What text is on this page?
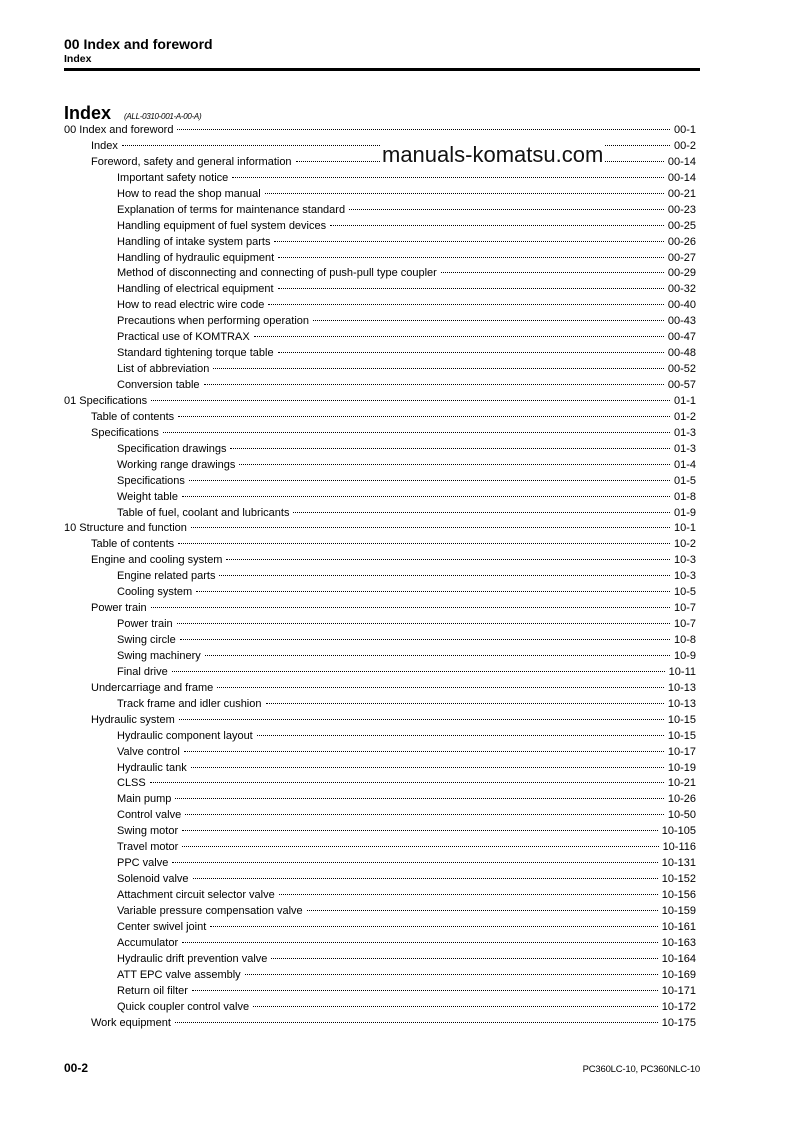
00 Index and foreword
Index
Index (ALL-0310-001-A-00-A)
00 Index and foreword	00-1
Index	00-2
Foreword, safety and general information	00-14
Important safety notice	00-14
How to read the shop manual	00-21
Explanation of terms for maintenance standard	00-23
Handling equipment of fuel system devices	00-25
Handling of intake system parts	00-26
Handling of hydraulic equipment	00-27
Method of disconnecting and connecting of push-pull type coupler	00-29
Handling of electrical equipment	00-32
How to read electric wire code	00-40
Precautions when performing operation	00-43
Practical use of KOMTRAX	00-47
Standard tightening torque table	00-48
List of abbreviation	00-52
Conversion table	00-57
01 Specifications	01-1
Table of contents	01-2
Specifications	01-3
Specification drawings	01-3
Working range drawings	01-4
Specifications	01-5
Weight table	01-8
Table of fuel, coolant and lubricants	01-9
10 Structure and function	10-1
Table of contents	10-2
Engine and cooling system	10-3
Engine related parts	10-3
Cooling system	10-5
Power train	10-7
Power train	10-7
Swing circle	10-8
Swing machinery	10-9
Final drive	10-11
Undercarriage and frame	10-13
Track frame and idler cushion	10-13
Hydraulic system	10-15
Hydraulic component layout	10-15
Valve control	10-17
Hydraulic tank	10-19
CLSS	10-21
Main pump	10-26
Control valve	10-50
Swing motor	10-105
Travel motor	10-116
PPC valve	10-131
Solenoid valve	10-152
Attachment circuit selector valve	10-156
Variable pressure compensation valve	10-159
Center swivel joint	10-161
Accumulator	10-163
Hydraulic drift prevention valve	10-164
ATT EPC valve assembly	10-169
Return oil filter	10-171
Quick coupler control valve	10-172
Work equipment	10-175
manuals-komatsu.com
00-2	PC360LC-10, PC360NLC-10
